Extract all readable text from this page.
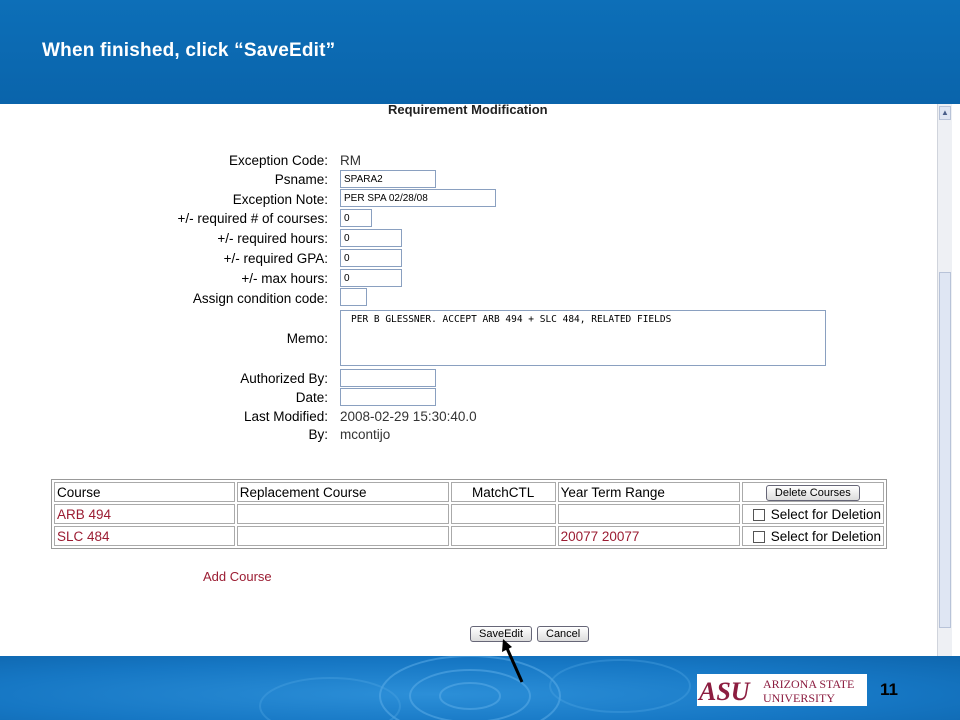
When finished, click “SaveEdit”
Requirement Modification
Exception Code: RM
Psname:
SPARA2
Exception Note:
PER SPA 02/28/08
+/- required # of courses:
0
+/- required hours:
0
+/- required GPA:
0
+/- max hours:
0
Assign condition code:
Memo:
PER B GLESSNER. ACCEPT ARB 494 + SLC 484, RELATED FIELDS
Authorized By:
Date:
Last Modified: 2008-02-29 15:30:40.0
By: mcontijo
Course	Replacement Course	MatchCTL	Year Term Range	Delete Courses
ARB 494				Select for Deletion
SLC 484			20077 20077	Select for Deletion
Add Course
SaveEdit	Cancel
▲
ASU ARIZONA STATE
UNIVERSITY	11
